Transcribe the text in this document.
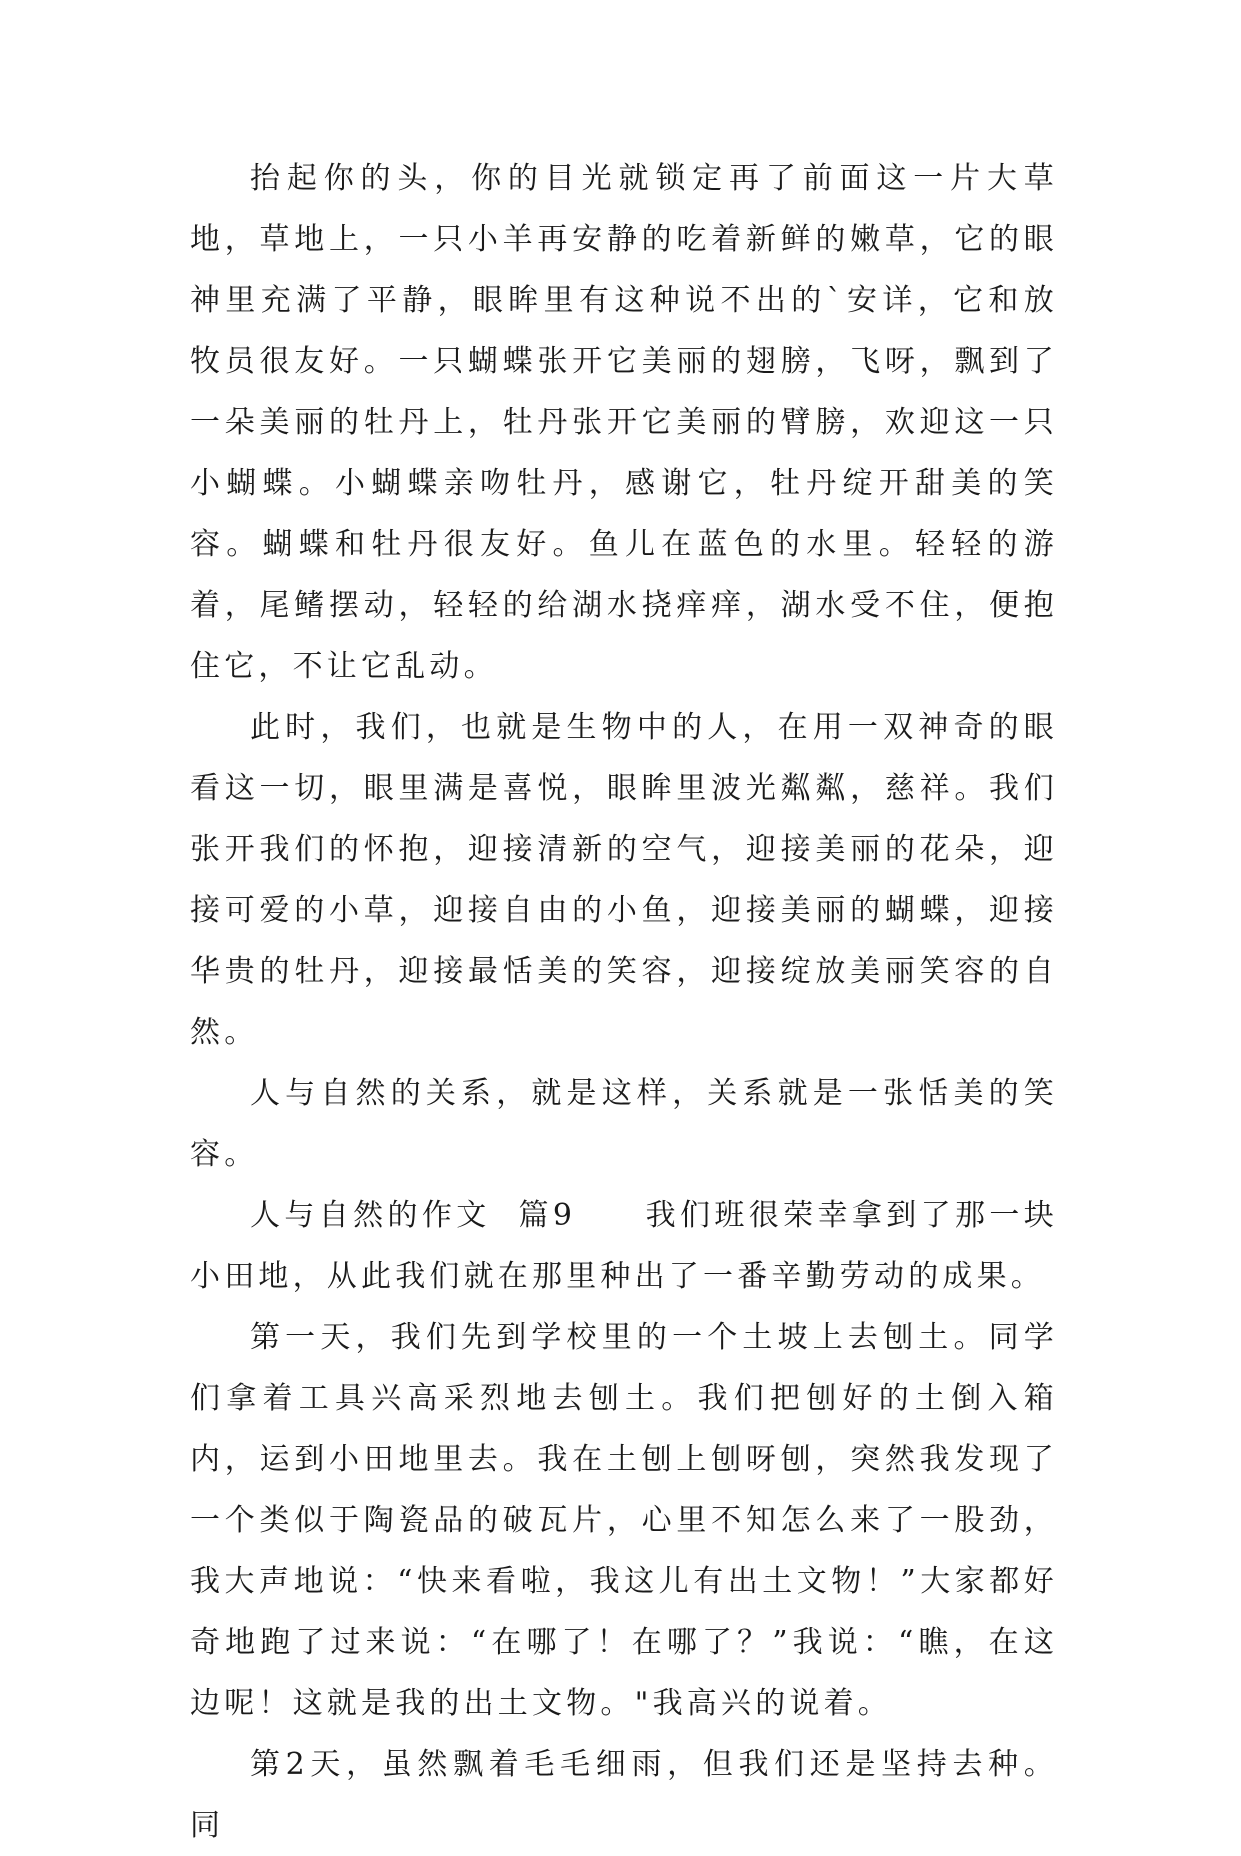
抬起你的头，你的目光就锁定再了前面这一片大草地，草地上，一只小羊再安静的吃着新鲜的嫩草，它的眼神里充满了平静，眼眸里有这种说不出的`安详，它和放牧员很友好。一只蝴蝶张开它美丽的翅膀，飞呀，飘到了一朵美丽的牡丹上，牡丹张开它美丽的臂膀，欢迎这一只小蝴蝶。小蝴蝶亲吻牡丹，感谢它，牡丹绽开甜美的笑容。蝴蝶和牡丹很友好。鱼儿在蓝色的水里。轻轻的游着，尾鳍摆动，轻轻的给湖水挠痒痒，湖水受不住，便抱住它，不让它乱动。

此时，我们，也就是生物中的人，在用一双神奇的眼看这一切，眼里满是喜悦，眼眸里波光粼粼，慈祥。我们张开我们的怀抱，迎接清新的空气，迎接美丽的花朵，迎接可爱的小草，迎接自由的小鱼，迎接美丽的蝴蝶，迎接华贵的牡丹，迎接最恬美的笑容，迎接绽放美丽笑容的自然。

人与自然的关系，就是这样，关系就是一张恬美的笑容。

人与自然的作文  篇9     我们班很荣幸拿到了那一块小田地，从此我们就在那里种出了一番辛勤劳动的成果。

第一天，我们先到学校里的一个土坡上去刨土。同学们拿着工具兴高采烈地去刨土。我们把刨好的土倒入箱内，运到小田地里去。我在土刨上刨呀刨，突然我发现了一个类似于陶瓷品的破瓦片，心里不知怎么来了一股劲，我大声地说：“快来看啦，我这儿有出土文物！”大家都好奇地跑了过来说：“在哪了！在哪了？”我说：“瞧，在这边呢！这就是我的出土文物。"我高兴的说着。

第2天，虽然飘着毛毛细雨，但我们还是坚持去种。同
